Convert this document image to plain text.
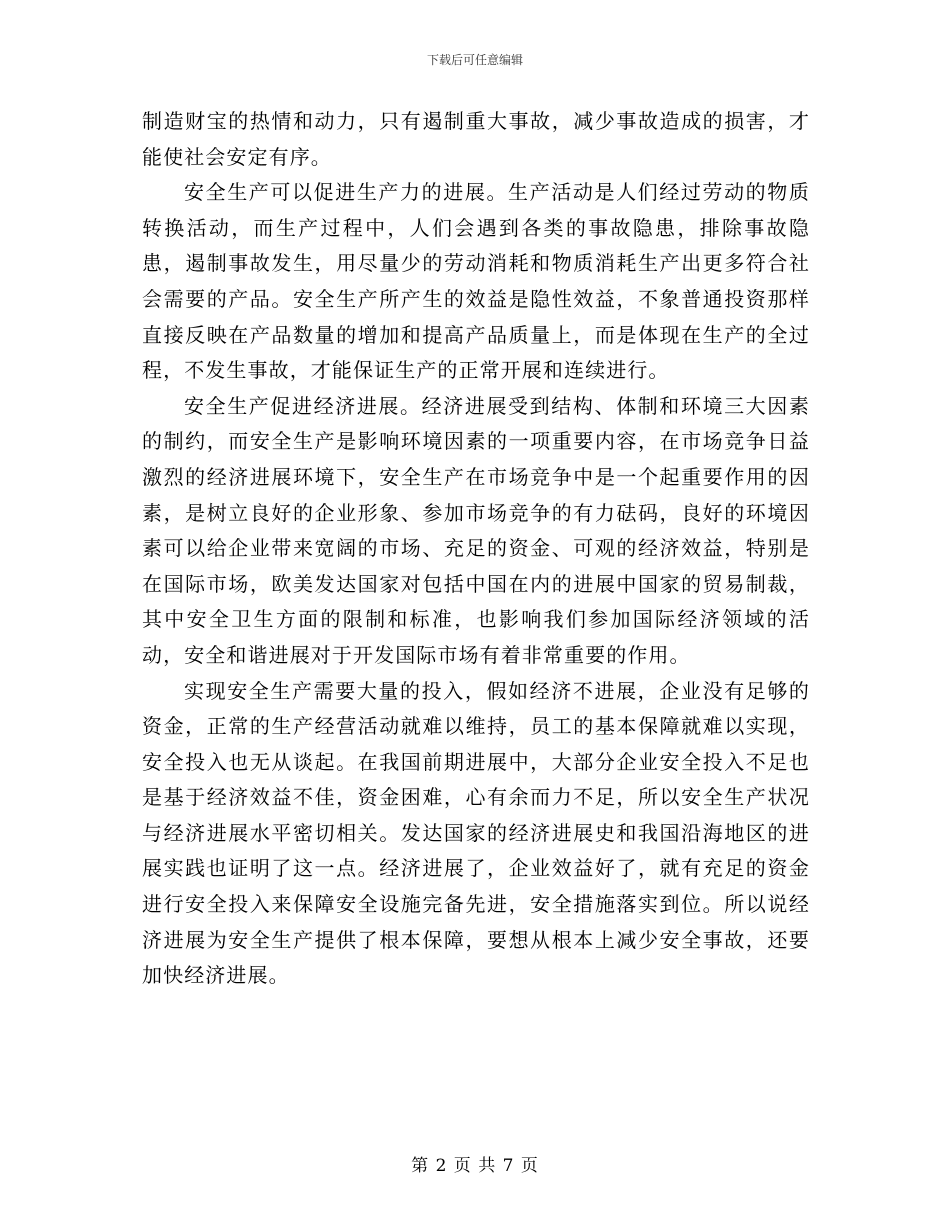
下载后可任意编辑

制造财宝的热情和动力，只有遏制重大事故，减少事故造成的损害，才能使社会安定有序。

安全生产可以促进生产力的进展。生产活动是人们经过劳动的物质转换活动，而生产过程中，人们会遇到各类的事故隐患，排除事故隐患，遏制事故发生，用尽量少的劳动消耗和物质消耗生产出更多符合社会需要的产品。安全生产所产生的效益是隐性效益，不象普通投资那样直接反映在产品数量的增加和提高产品质量上，而是体现在生产的全过程，不发生事故，才能保证生产的正常开展和连续进行。

安全生产促进经济进展。经济进展受到结构、体制和环境三大因素的制约，而安全生产是影响环境因素的一项重要内容，在市场竞争日益激烈的经济进展环境下，安全生产在市场竞争中是一个起重要作用的因素，是树立良好的企业形象、参加市场竞争的有力砝码，良好的环境因素可以给企业带来宽阔的市场、充足的资金、可观的经济效益，特别是在国际市场，欧美发达国家对包括中国在内的进展中国家的贸易制裁，其中安全卫生方面的限制和标准，也影响我们参加国际经济领域的活动，安全和谐进展对于开发国际市场有着非常重要的作用。

实现安全生产需要大量的投入，假如经济不进展，企业没有足够的资金，正常的生产经营活动就难以维持，员工的基本保障就难以实现，安全投入也无从谈起。在我国前期进展中，大部分企业安全投入不足也是基于经济效益不佳，资金困难，心有余而力不足，所以安全生产状况与经济进展水平密切相关。发达国家的经济进展史和我国沿海地区的进展实践也证明了这一点。经济进展了，企业效益好了，就有充足的资金进行安全投入来保障安全设施完备先进，安全措施落实到位。所以说经济进展为安全生产提供了根本保障，要想从根本上减少安全事故，还要加快经济进展。

第 2 页 共 7 页
